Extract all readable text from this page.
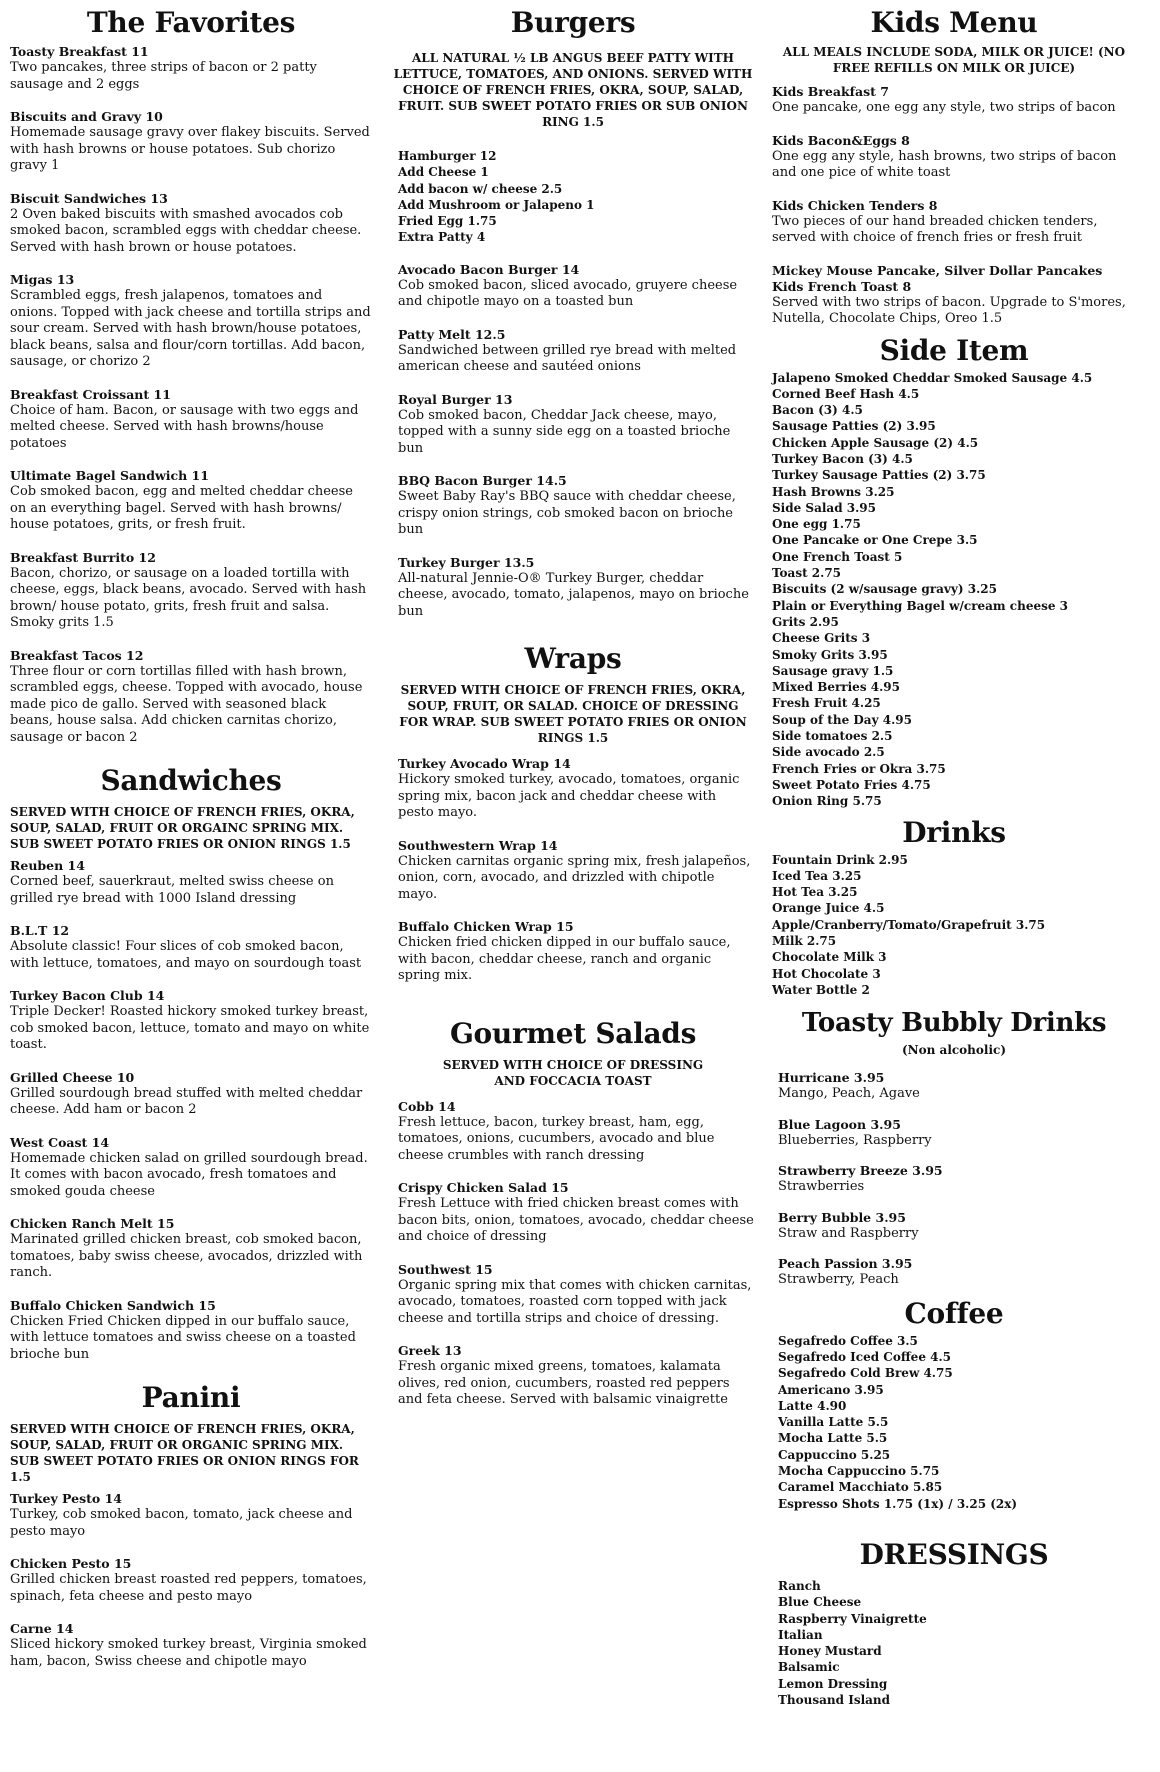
The Favorites
Toasty Breakfast 11
Two pancakes, three strips of bacon or 2 patty sausage and 2 eggs
Biscuits and Gravy 10
Homemade sausage gravy over flakey biscuits. Served with hash browns or house potatoes. Sub chorizo gravy 1
Biscuit Sandwiches 13
2 Oven baked biscuits with smashed avocados cob smoked bacon, scrambled eggs with cheddar cheese. Served with hash brown or house potatoes.
Migas 13
Scrambled eggs, fresh jalapenos, tomatoes and onions. Topped with jack cheese and tortilla strips and sour cream. Served with hash brown/house potatoes, black beans, salsa and flour/corn tortillas. Add bacon, sausage, or chorizo 2
Breakfast Croissant 11
Choice of ham. Bacon, or sausage with two eggs and melted cheese. Served with hash browns/house potatoes
Ultimate Bagel Sandwich 11
Cob smoked bacon, egg and melted cheddar cheese on an everything bagel. Served with hash browns/ house potatoes, grits, or fresh fruit.
Breakfast Burrito 12
Bacon, chorizo, or sausage on a loaded tortilla with cheese, eggs, black beans, avocado. Served with hash brown/ house potato, grits, fresh fruit and salsa. Smoky grits 1.5
Breakfast Tacos 12
Three flour or corn tortillas filled with hash brown, scrambled eggs, cheese. Topped with avocado, house made pico de gallo. Served with seasoned black beans, house salsa. Add chicken carnitas chorizo, sausage or bacon 2
Sandwiches
SERVED WITH CHOICE OF FRENCH FRIES, OKRA, SOUP, SALAD, FRUIT OR ORGAINC SPRING MIX. SUB SWEET POTATO FRIES OR ONION RINGS 1.5
Reuben 14
Corned beef, sauerkraut, melted swiss cheese on grilled rye bread with 1000 Island dressing
B.L.T 12
Absolute classic! Four slices of cob smoked bacon, with lettuce, tomatoes, and mayo on sourdough toast
Turkey Bacon Club 14
Triple Decker! Roasted hickory smoked turkey breast, cob smoked bacon, lettuce, tomato and mayo on white toast.
Grilled Cheese 10
Grilled sourdough bread stuffed with melted cheddar cheese. Add ham or bacon 2
West Coast 14
Homemade chicken salad on grilled sourdough bread. It comes with bacon avocado, fresh tomatoes and smoked gouda cheese
Chicken Ranch Melt 15
Marinated grilled chicken breast, cob smoked bacon, tomatoes, baby swiss cheese, avocados, drizzled with ranch.
Buffalo Chicken Sandwich 15
Chicken Fried Chicken dipped in our buffalo sauce, with lettuce tomatoes and swiss cheese on a toasted brioche bun
Panini
SERVED WITH CHOICE OF FRENCH FRIES, OKRA, SOUP, SALAD, FRUIT OR ORGANIC SPRING MIX. SUB SWEET POTATO FRIES OR ONION RINGS FOR 1.5
Turkey Pesto 14
Turkey, cob smoked bacon, tomato, jack cheese and pesto mayo
Chicken Pesto 15
Grilled chicken breast roasted red peppers, tomatoes, spinach, feta cheese and pesto mayo
Carne 14
Sliced hickory smoked turkey breast, Virginia smoked ham, bacon, Swiss cheese and chipotle mayo
Burgers
ALL NATURAL ½ LB ANGUS BEEF PATTY WITH LETTUCE, TOMATOES, AND ONIONS. SERVED WITH CHOICE OF FRENCH FRIES, OKRA, SOUP, SALAD, FRUIT. SUB SWEET POTATO FRIES OR SUB ONION RING 1.5
Hamburger 12
Add Cheese 1
Add bacon w/ cheese 2.5
Add Mushroom or Jalapeno 1
Fried Egg 1.75
Extra Patty 4
Avocado Bacon Burger 14
Cob smoked bacon, sliced avocado, gruyere cheese and chipotle mayo on a toasted bun
Patty Melt 12.5
Sandwiched between grilled rye bread with melted american cheese and sautéed onions
Royal Burger 13
Cob smoked bacon, Cheddar Jack cheese, mayo, topped with a sunny side egg on a toasted brioche bun
BBQ Bacon Burger 14.5
Sweet Baby Ray's BBQ sauce with cheddar cheese, crispy onion strings, cob smoked bacon on brioche bun
Turkey Burger 13.5
All-natural Jennie-O® Turkey Burger, cheddar cheese, avocado, tomato, jalapenos, mayo on brioche bun
Wraps
SERVED WITH CHOICE OF FRENCH FRIES, OKRA, SOUP, FRUIT, OR SALAD. CHOICE OF DRESSING FOR WRAP. SUB SWEET POTATO FRIES OR ONION RINGS 1.5
Turkey Avocado Wrap 14
Hickory smoked turkey, avocado, tomatoes, organic spring mix, bacon jack and cheddar cheese with pesto mayo.
Southwestern Wrap 14
Chicken carnitas organic spring mix, fresh jalapeños, onion, corn, avocado, and drizzled with chipotle mayo.
Buffalo Chicken Wrap 15
Chicken fried chicken dipped in our buffalo sauce, with bacon, cheddar cheese, ranch and organic spring mix.
Gourmet Salads
SERVED WITH CHOICE OF DRESSING AND FOCCACIA TOAST
Cobb 14
Fresh lettuce, bacon, turkey breast, ham, egg, tomatoes, onions, cucumbers, avocado and blue cheese crumbles with ranch dressing
Crispy Chicken Salad 15
Fresh Lettuce with fried chicken breast comes with bacon bits, onion, tomatoes, avocado, cheddar cheese and choice of dressing
Southwest 15
Organic spring mix that comes with chicken carnitas, avocado, tomatoes, roasted corn topped with jack cheese and tortilla strips and choice of dressing.
Greek 13
Fresh organic mixed greens, tomatoes, kalamata olives, red onion, cucumbers, roasted red peppers and feta cheese. Served with balsamic vinaigrette
Kids Menu
ALL MEALS INCLUDE SODA, MILK OR JUICE! (NO FREE REFILLS ON MILK OR JUICE)
Kids Breakfast 7
One pancake, one egg any style, two strips of bacon
Kids Bacon&Eggs 8
One egg any style, hash browns, two strips of bacon and one pice of white toast
Kids Chicken Tenders 8
Two pieces of our hand breaded chicken tenders, served with choice of french fries or fresh fruit
Mickey Mouse Pancake, Silver Dollar Pancakes Kids French Toast 8
Served with two strips of bacon. Upgrade to S'mores, Nutella, Chocolate Chips, Oreo 1.5
Side Item
Jalapeno Smoked Cheddar Smoked Sausage 4.5
Corned Beef Hash 4.5
Bacon (3) 4.5
Sausage Patties (2) 3.95
Chicken Apple Sausage (2) 4.5
Turkey Bacon (3) 4.5
Turkey Sausage Patties (2) 3.75
Hash Browns 3.25
Side Salad 3.95
One egg 1.75
One Pancake or One Crepe 3.5
One French Toast 5
Toast 2.75
Biscuits (2 w/sausage gravy) 3.25
Plain or Everything Bagel w/cream cheese 3
Grits 2.95
Cheese Grits 3
Smoky Grits 3.95
Sausage gravy 1.5
Mixed Berries 4.95
Fresh Fruit 4.25
Soup of the Day 4.95
Side tomatoes 2.5
Side avocado 2.5
French Fries or Okra 3.75
Sweet Potato Fries 4.75
Onion Ring 5.75
Drinks
Fountain Drink 2.95
Iced Tea 3.25
Hot Tea 3.25
Orange Juice 4.5
Apple/Cranberry/Tomato/Grapefruit 3.75
Milk 2.75
Chocolate Milk 3
Hot Chocolate 3
Water Bottle 2
Toasty Bubbly Drinks
(Non alcoholic)
Hurricane 3.95
Mango, Peach, Agave
Blue Lagoon 3.95
Blueberries, Raspberry
Strawberry Breeze 3.95
Strawberries
Berry Bubble 3.95
Straw and Raspberry
Peach Passion 3.95
Strawberry, Peach
Coffee
Segafredo Coffee 3.5
Segafredo Iced Coffee 4.5
Segafredo Cold Brew 4.75
Americano 3.95
Latte 4.90
Vanilla Latte 5.5
Mocha Latte 5.5
Cappuccino 5.25
Mocha Cappuccino 5.75
Caramel Macchiato 5.85
Espresso Shots 1.75 (1x) / 3.25 (2x)
DRESSINGS
Ranch
Blue Cheese
Raspberry Vinaigrette
Italian
Honey Mustard
Balsamic
Lemon Dressing
Thousand Island
